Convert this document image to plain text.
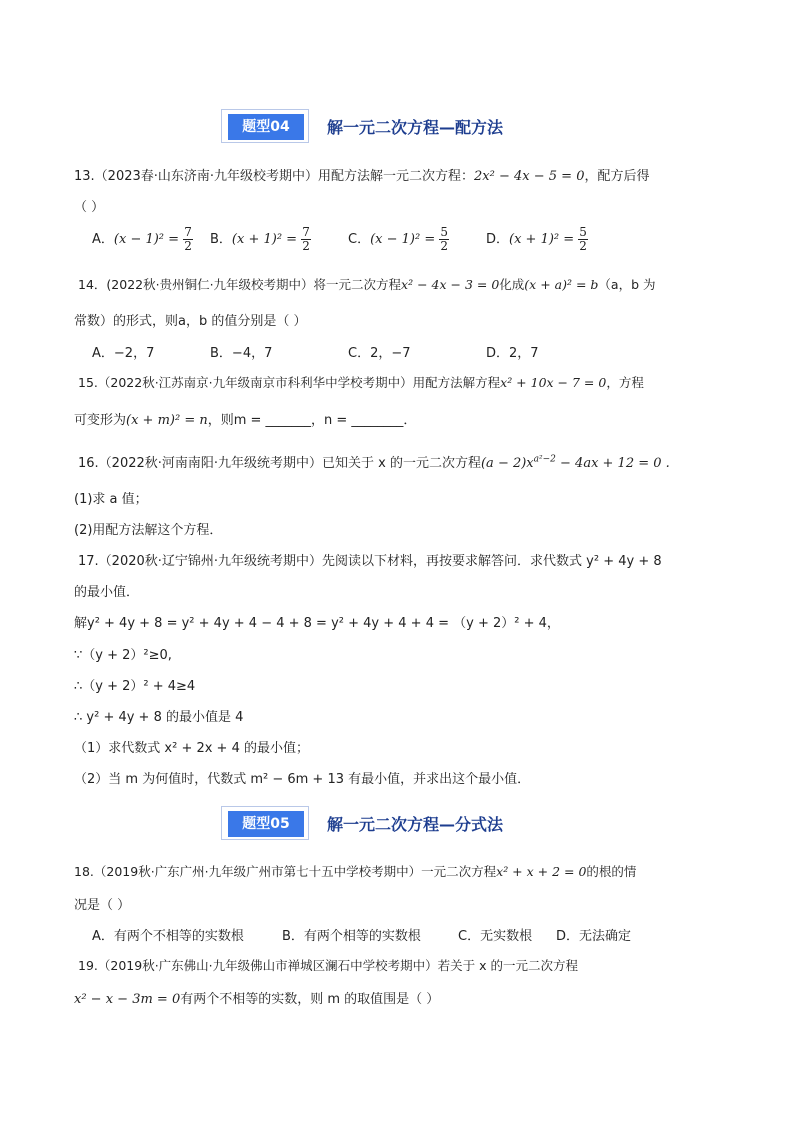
题型04	解一元二次方程—配方法
13.（2023春·山东济南·九年级校考期中）用配方法解一元二次方程：2x² − 4x − 5 = 0，配方后得
（ ）
A．$(x - 1)^2 = \frac{7}{2}$ B．$(x + 1)^2 = \frac{7}{2}$	C．$(x - 1)^2 = \frac{5}{2}$	D．$(x + 1)^2 = \frac{5}{2}$
14．(2022秋·贵州铜仁·九年级校考期中）将一元二次方程x² − 4x − 3 = 0化成(x + a)² = b（a，b 为
常数）的形式，则a，b 的值分别是（ ）
A．−2，7	B．−4，7	C．2，−7	D．2，7
15.（2022秋·江苏南京·九年级南京市科利华中学校考期中）用配方法解方程x² + 10x − 7 = 0，方程
可变形为(x + m)² = n，则m = _______，n = ________．
16.（2022秋·河南南阳·九年级统考期中）已知关于 x 的一元二次方程$(a - 2)x^{a^2-2} - 4ax + 12 = 0$ .
(1)求 a 值；
(2)用配方法解这个方程．
17.（2020秋·辽宁锦州·九年级统考期中）先阅读以下材料，再按要求解答问．求代数式 y² + 4y + 8
的最小值．
解y² + 4y + 8 = y² + 4y + 4 − 4 + 8 = y² + 4y + 4 + 4 = （y + 2）² + 4，
∵（y + 2）²≥0,
∴（y + 2）² + 4≥4
∴ y² + 4y + 8 的最小值是 4
（1）求代数式 x² + 2x + 4 的最小值；
（2）当 m 为何值时，代数式 m² − 6m + 13 有最小值，并求出这个最小值．
题型05	解一元二次方程—分式法
18.（2019秋·广东广州·九年级广州市第七十五中学校考期中）一元二次方程x² + x + 2 = 0的根的情
况是（ ）
A．有两个不相等的实数根	B．有两个相等的实数根	C．无实数根 D．无法确定
19.（2019秋·广东佛山·九年级佛山市禅城区澜石中学校考期中）若关于 x 的一元二次方程
x² − x − 3m = 0有两个不相等的实数，则 m 的取值围是（ ）
